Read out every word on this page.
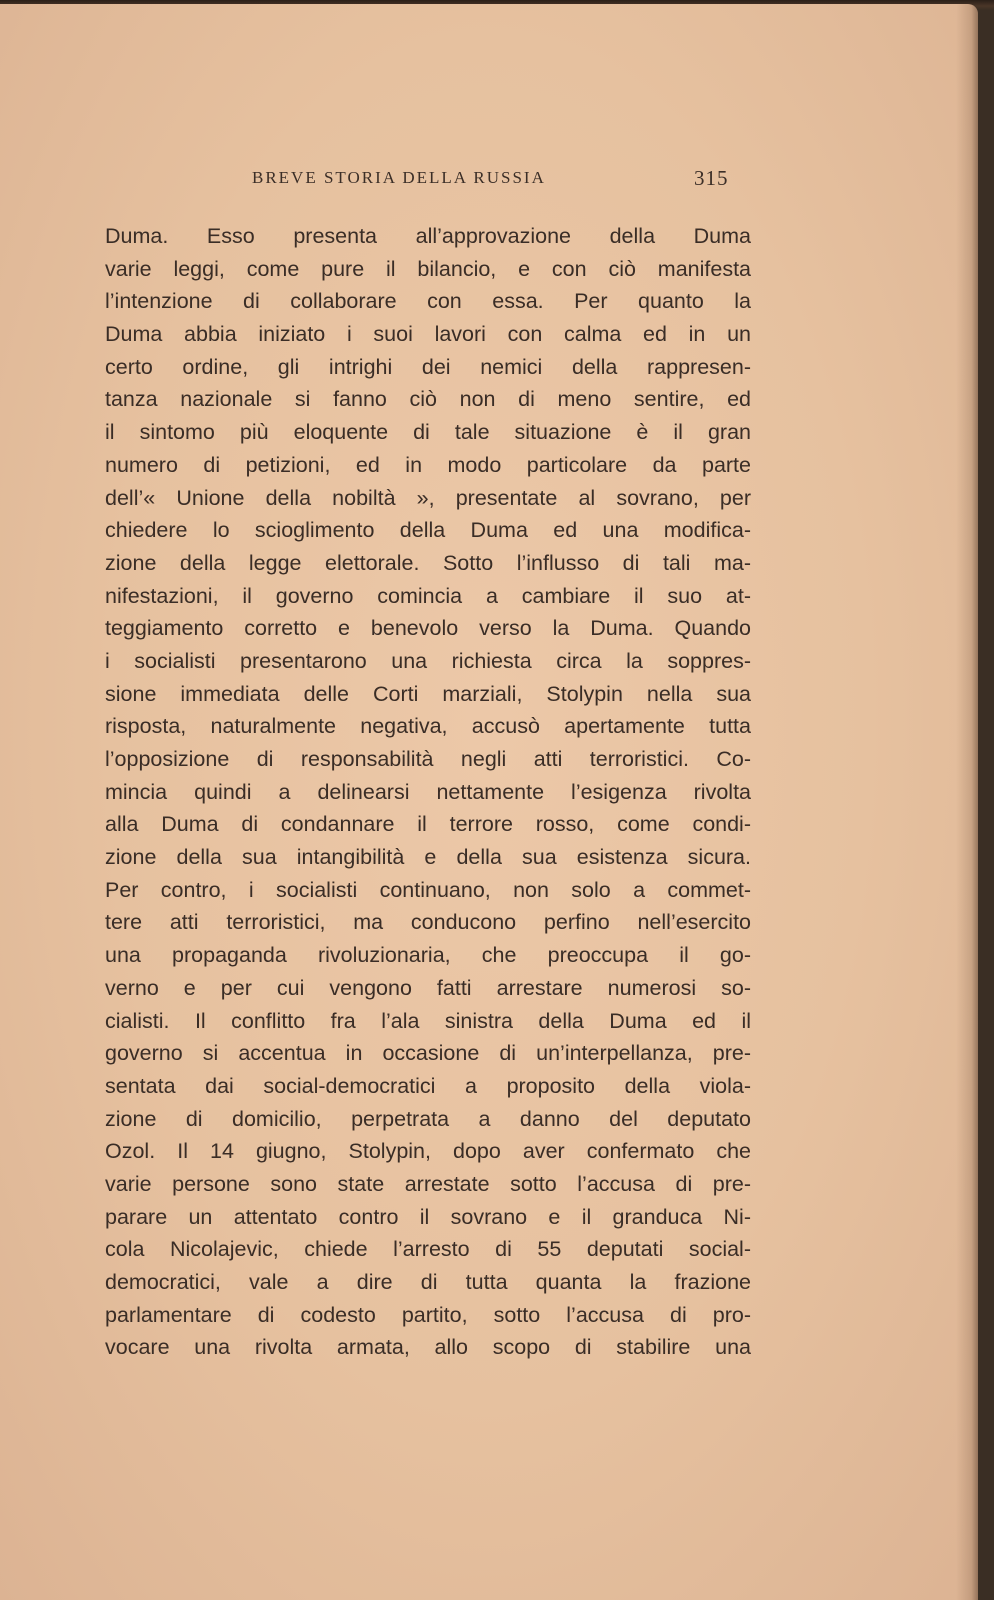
BREVE STORIA DELLA RUSSIA	315
Duma. Esso presenta all’approvazione della Duma
varie leggi, come pure il bilancio, e con ciò manifesta
l’intenzione di collaborare con essa. Per quanto la
Duma abbia iniziato i suoi lavori con calma ed in un
certo ordine, gli intrighi dei nemici della rappresen-
tanza nazionale si fanno ciò non di meno sentire, ed
il sintomo più eloquente di tale situazione è il gran
numero di petizioni, ed in modo particolare da parte
dell’« Unione della nobiltà », presentate al sovrano, per
chiedere lo scioglimento della Duma ed una modifica-
zione della legge elettorale. Sotto l’influsso di tali ma-
nifestazioni, il governo comincia a cambiare il suo at-
teggiamento corretto e benevolo verso la Duma. Quando
i socialisti presentarono una richiesta circa la soppres-
sione immediata delle Corti marziali, Stolypin nella sua
risposta, naturalmente negativa, accusò apertamente tutta
l’opposizione di responsabilità negli atti terroristici. Co-
mincia quindi a delinearsi nettamente l’esigenza rivolta
alla Duma di condannare il terrore rosso, come condi-
zione della sua intangibilità e della sua esistenza sicura.
Per contro, i socialisti continuano, non solo a commet-
tere atti terroristici, ma conducono perfino nell’esercito
una propaganda rivoluzionaria, che preoccupa il go-
verno e per cui vengono fatti arrestare numerosi so-
cialisti. Il conflitto fra l’ala sinistra della Duma ed il
governo si accentua in occasione di un’interpellanza, pre-
sentata dai social-democratici a proposito della viola-
zione di domicilio, perpetrata a danno del deputato
Ozol. Il 14 giugno, Stolypin, dopo aver confermato che
varie persone sono state arrestate sotto l’accusa di pre-
parare un attentato contro il sovrano e il granduca Ni-
cola Nicolajevic, chiede l’arresto di 55 deputati social-
democratici, vale a dire di tutta quanta la frazione
parlamentare di codesto partito, sotto l’accusa di pro-
vocare una rivolta armata, allo scopo di stabilire una
